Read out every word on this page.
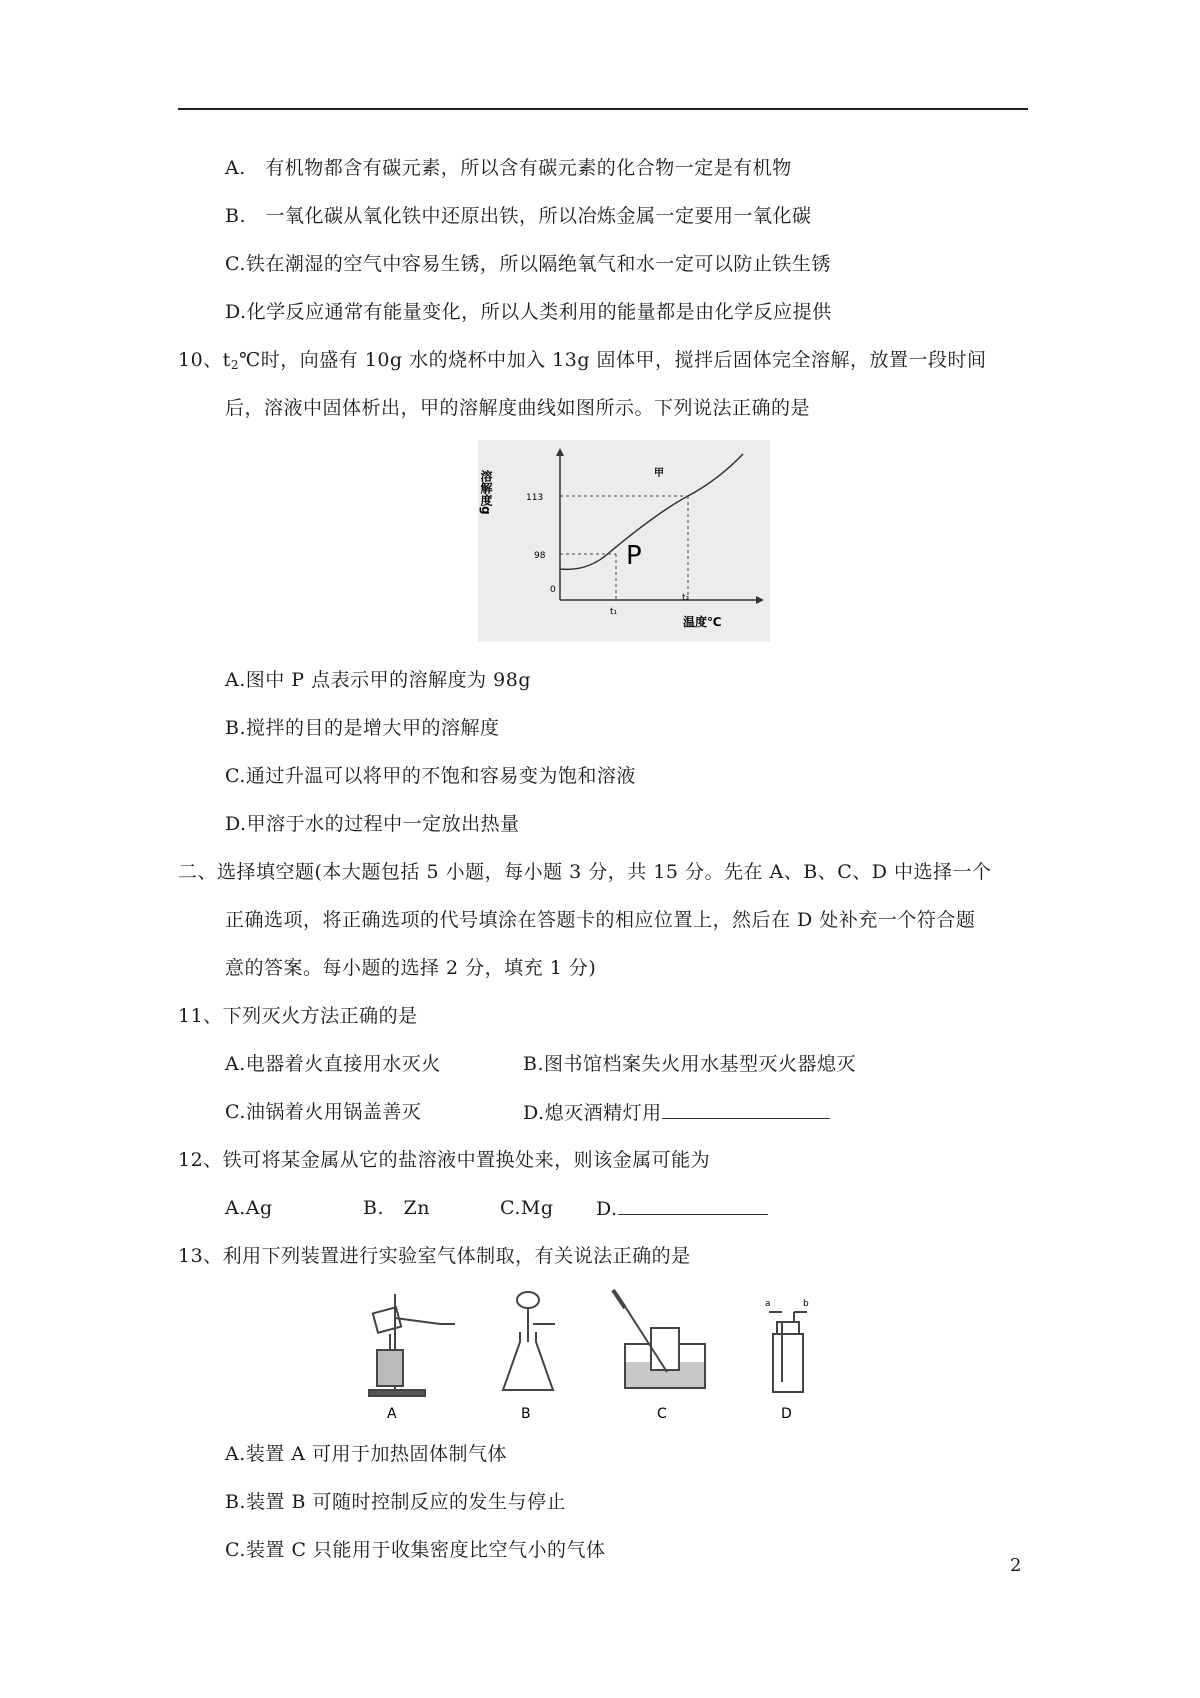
A.　有机物都含有碳元素，所以含有碳元素的化合物一定是有机物
B.　一氧化碳从氧化铁中还原出铁，所以冶炼金属一定要用一氧化碳
C.铁在潮湿的空气中容易生锈，所以隔绝氧气和水一定可以防止铁生锈
D.化学反应通常有能量变化，所以人类利用的能量都是由化学反应提供
10、$t_2℃$时，向盛有 10g 水的烧杯中加入 13g 固体甲，搅拌后固体完全溶解，放置一段时间
后，溶液中固体析出，甲的溶解度曲线如图所示。下列说法正确的是
溶解度g	113
98
0
t₁
t₂
温度℃
甲
P
A.图中 P 点表示甲的溶解度为 98g
B.搅拌的目的是增大甲的溶解度
C.通过升温可以将甲的不饱和容易变为饱和溶液
D.甲溶于水的过程中一定放出热量
二、选择填空题(本大题包括 5 小题，每小题 3 分，共 15 分。先在 A、B、C、D 中选择一个
正确选项，将正确选项的代号填涂在答题卡的相应位置上，然后在 D 处补充一个符合题
意的答案。每小题的选择 2 分，填充 1 分)
11、下列灭火方法正确的是
A.电器着火直接用水灭火	B.图书馆档案失火用水基型灭火器熄灭
C.油锅着火用锅盖善灭	D.熄灭酒精灯用
12、铁可将某金属从它的盐溶液中置换处来，则该金属可能为
A.Ag	B.　Zn	C.Mg D.
13、利用下列装置进行实验室气体制取，有关说法正确的是
A	B	C
a	b
D
A.装置 A 可用于加热固体制气体
B.装置 B 可随时控制反应的发生与停止
C.装置 C 只能用于收集密度比空气小的气体
2
